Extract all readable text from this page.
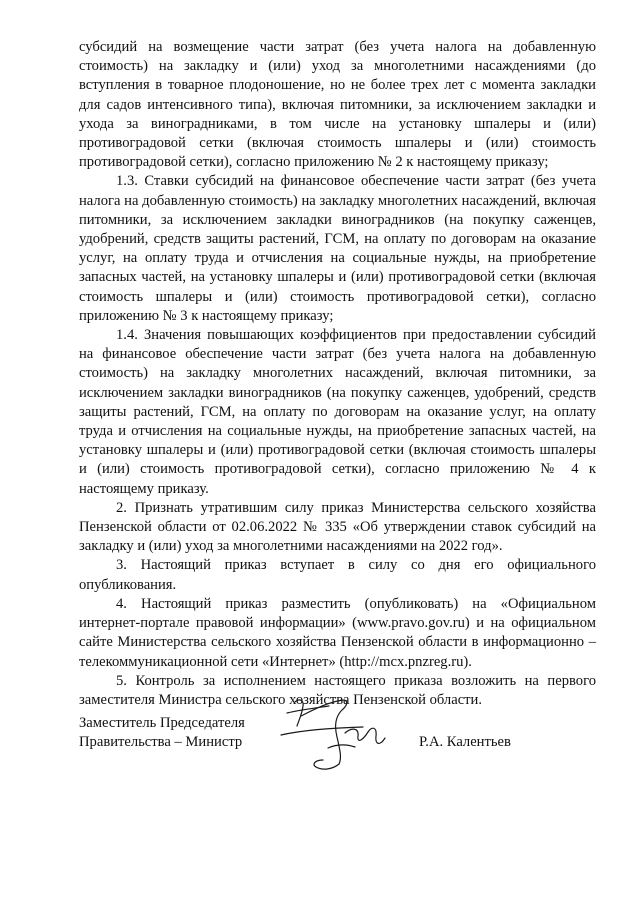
субсидий на возмещение части затрат (без учета налога на добавленную стоимость) на закладку и (или) уход за многолетними насаждениями (до вступления в товарное плодоношение, но не более трех лет с момента закладки для садов интенсивного типа), включая питомники, за исключением закладки и ухода за виноградниками, в том числе на установку шпалеры и (или) противоградовой сетки (включая стоимость шпалеры и (или) стоимость противоградовой сетки), согласно приложению № 2 к настоящему приказу;

1.3. Ставки субсидий на финансовое обеспечение части затрат (без учета налога на добавленную стоимость) на закладку многолетних насаждений, включая питомники, за исключением закладки виноградников (на покупку саженцев, удобрений, средств защиты растений, ГСМ, на оплату по договорам на оказание услуг, на оплату труда и отчисления на социальные нужды, на приобретение запасных частей, на установку шпалеры и (или) противоградовой сетки (включая стоимость шпалеры и (или) стоимость противоградовой сетки), согласно приложению № 3 к настоящему приказу;

1.4. Значения повышающих коэффициентов при предоставлении субсидий на финансовое обеспечение части затрат (без учета налога на добавленную стоимость) на закладку многолетних насаждений, включая питомники, за исключением закладки виноградников (на покупку саженцев, удобрений, средств защиты растений, ГСМ, на оплату по договорам на оказание услуг, на оплату труда и отчисления на социальные нужды, на приобретение запасных частей, на установку шпалеры и (или) противоградовой сетки (включая стоимость шпалеры и (или) стоимость противоградовой сетки), согласно приложению № 4 к настоящему приказу.

2. Признать утратившим силу приказ Министерства сельского хозяйства Пензенской области от 02.06.2022 № 335 «Об утверждении ставок субсидий на закладку и (или) уход за многолетними насаждениями на 2022 год».

3. Настоящий приказ вступает в силу со дня его официального опубликования.

4. Настоящий приказ разместить (опубликовать) на «Официальном интернет-портале правовой информации» (www.pravo.gov.ru) и на официальном сайте Министерства сельского хозяйства Пензенской области в информационно – телекоммуникационной сети «Интернет» (http://mcx.pnzreg.ru).

5. Контроль за исполнением настоящего приказа возложить на первого заместителя Министра сельского хозяйства Пензенской области.

Заместитель Председателя
Правительства – Министр	Р.А. Калентьев
